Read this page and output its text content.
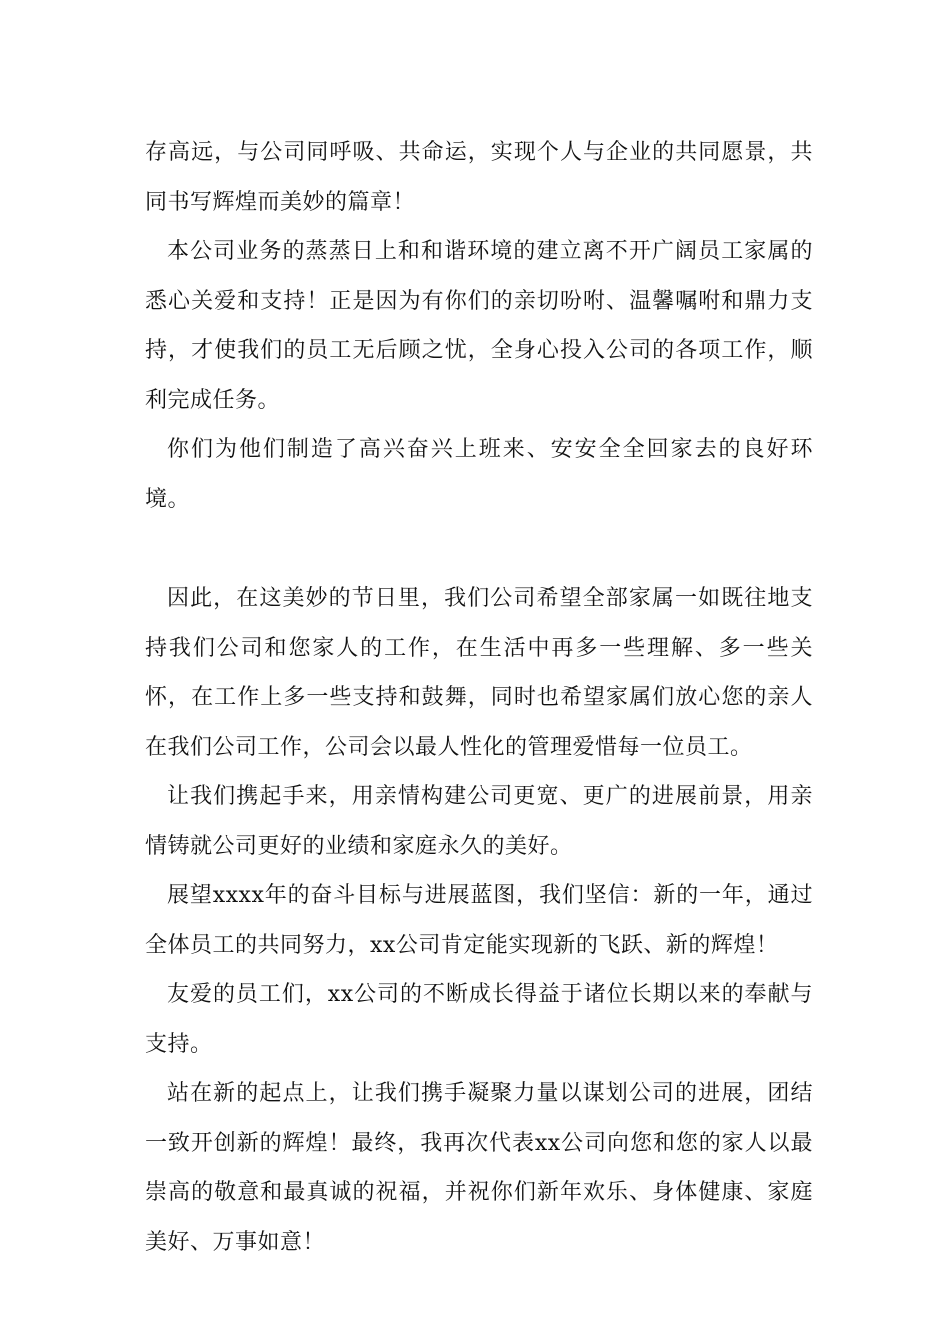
存高远，与公司同呼吸、共命运，实现个人与企业的共同愿景，共同书写辉煌而美妙的篇章！

本公司业务的蒸蒸日上和和谐环境的建立离不开广阔员工家属的悉心关爱和支持！正是因为有你们的亲切吩咐、温馨嘱咐和鼎力支持，才使我们的员工无后顾之忧，全身心投入公司的各项工作，顺利完成任务。

你们为他们制造了高兴奋兴上班来、安安全全回家去的良好环境。

因此，在这美妙的节日里，我们公司希望全部家属一如既往地支持我们公司和您家人的工作，在生活中再多一些理解、多一些关怀，在工作上多一些支持和鼓舞，同时也希望家属们放心您的亲人在我们公司工作，公司会以最人性化的管理爱惜每一位员工。

让我们携起手来，用亲情构建公司更宽、更广的进展前景，用亲情铸就公司更好的业绩和家庭永久的美好。

展望xxxx年的奋斗目标与进展蓝图，我们坚信：新的一年，通过全体员工的共同努力，xx公司肯定能实现新的飞跃、新的辉煌！

友爱的员工们，xx公司的不断成长得益于诸位长期以来的奉献与支持。

站在新的起点上，让我们携手凝聚力量以谋划公司的进展，团结一致开创新的辉煌！最终，我再次代表xx公司向您和您的家人以最崇高的敬意和最真诚的祝福，并祝你们新年欢乐、身体健康、家庭美好、万事如意！
